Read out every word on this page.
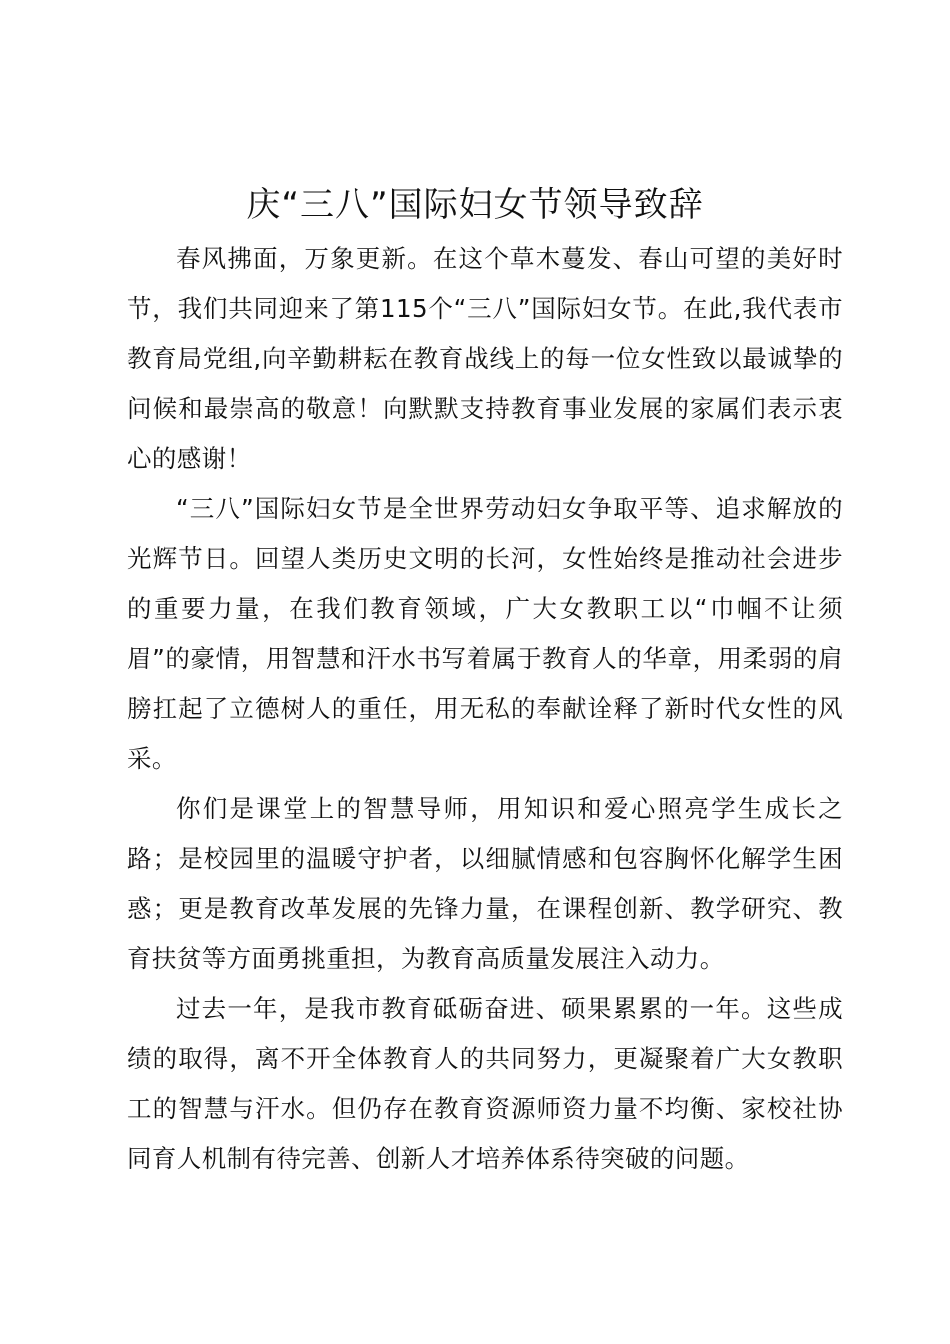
庆“三八”国际妇女节领导致辞

春风拂面，万象更新。在这个草木蔓发、春山可望的美好时节，我们共同迎来了第115个“三八”国际妇女节。在此,我代表市教育局党组,向辛勤耕耘在教育战线上的每一位女性致以最诚挚的问候和最崇高的敬意！向默默支持教育事业发展的家属们表示衷心的感谢！

“三八”国际妇女节是全世界劳动妇女争取平等、追求解放的光辉节日。回望人类历史文明的长河，女性始终是推动社会进步的重要力量，在我们教育领域，广大女教职工以“巾帼不让须眉”的豪情，用智慧和汗水书写着属于教育人的华章，用柔弱的肩膀扛起了立德树人的重任，用无私的奉献诠释了新时代女性的风采。

你们是课堂上的智慧导师，用知识和爱心照亮学生成长之路；是校园里的温暖守护者，以细腻情感和包容胸怀化解学生困惑；更是教育改革发展的先锋力量，在课程创新、教学研究、教育扶贫等方面勇挑重担，为教育高质量发展注入动力。

过去一年，是我市教育砥砺奋进、硕果累累的一年。这些成绩的取得，离不开全体教育人的共同努力，更凝聚着广大女教职工的智慧与汗水。但仍存在教育资源师资力量不均衡、家校社协同育人机制有待完善、创新人才培养体系待突破的问题。
